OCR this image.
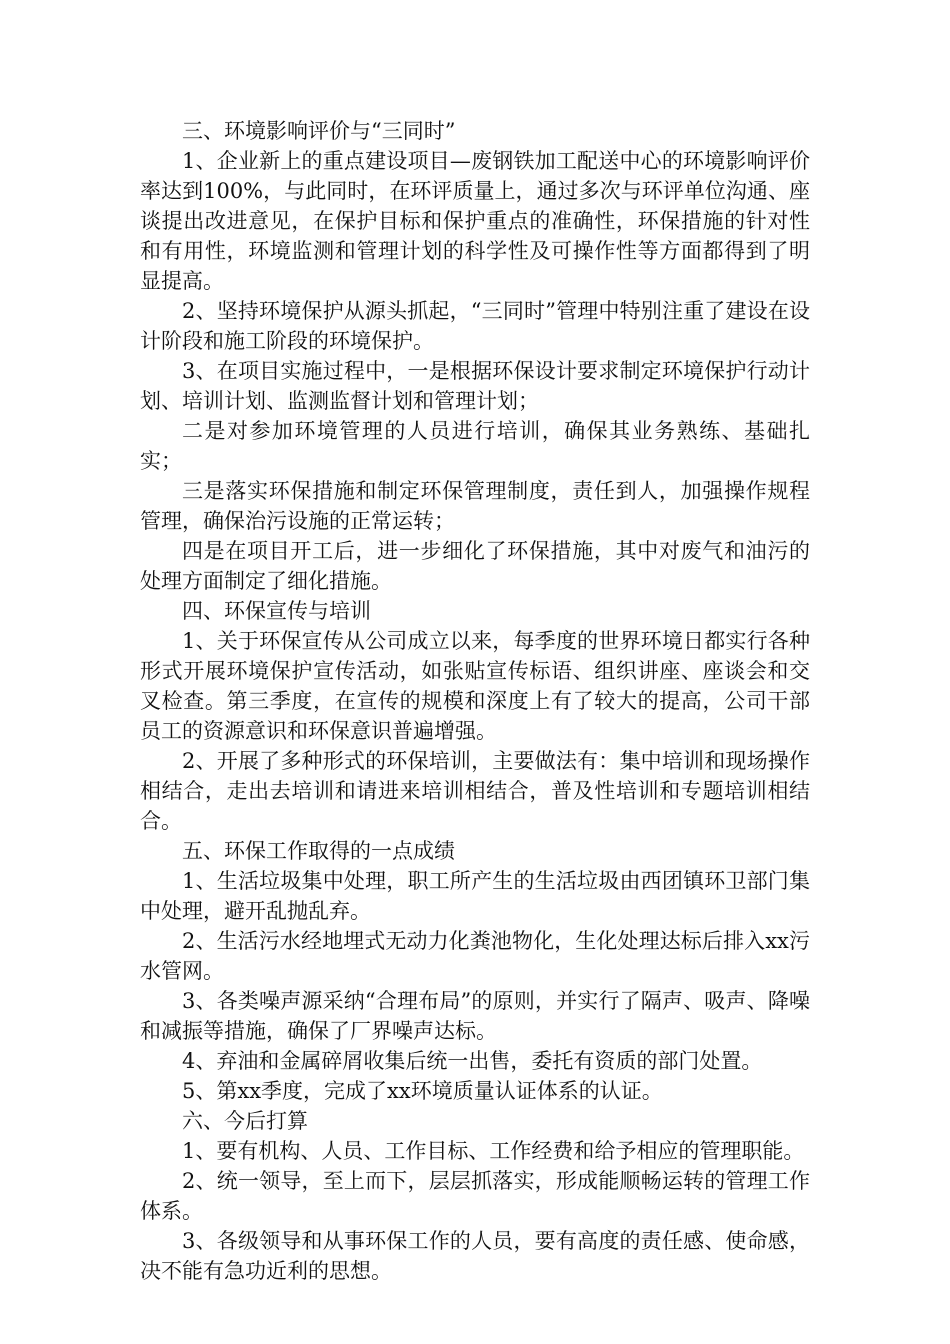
三、环境影响评价与“三同时”

1、企业新上的重点建设项目—废钢铁加工配送中心的环境影响评价率达到100%，与此同时，在环评质量上，通过多次与环评单位沟通、座谈提出改进意见，在保护目标和保护重点的准确性，环保措施的针对性和有用性，环境监测和管理计划的科学性及可操作性等方面都得到了明显提高。

2、坚持环境保护从源头抓起，“三同时”管理中特别注重了建设在设计阶段和施工阶段的环境保护。

3、在项目实施过程中，一是根据环保设计要求制定环境保护行动计划、培训计划、监测监督计划和管理计划；

二是对参加环境管理的人员进行培训，确保其业务熟练、基础扎实；

三是落实环保措施和制定环保管理制度，责任到人，加强操作规程管理，确保治污设施的正常运转；

四是在项目开工后，进一步细化了环保措施，其中对废气和油污的处理方面制定了细化措施。

四、环保宣传与培训

1、关于环保宣传从公司成立以来，每季度的世界环境日都实行各种形式开展环境保护宣传活动，如张贴宣传标语、组织讲座、座谈会和交叉检查。第三季度，在宣传的规模和深度上有了较大的提高，公司干部员工的资源意识和环保意识普遍增强。

2、开展了多种形式的环保培训，主要做法有：集中培训和现场操作相结合，走出去培训和请进来培训相结合，普及性培训和专题培训相结合。

五、环保工作取得的一点成绩

1、生活垃圾集中处理，职工所产生的生活垃圾由西团镇环卫部门集中处理，避开乱抛乱弃。

2、生活污水经地埋式无动力化粪池物化，生化处理达标后排入xx污水管网。

3、各类噪声源采纳“合理布局”的原则，并实行了隔声、吸声、降噪和减振等措施，确保了厂界噪声达标。

4、弃油和金属碎屑收集后统一出售，委托有资质的部门处置。

5、第xx季度，完成了xx环境质量认证体系的认证。

六、今后打算

1、要有机构、人员、工作目标、工作经费和给予相应的管理职能。

2、统一领导，至上而下，层层抓落实，形成能顺畅运转的管理工作体系。

3、各级领导和从事环保工作的人员，要有高度的责任感、使命感，决不能有急功近利的思想。
